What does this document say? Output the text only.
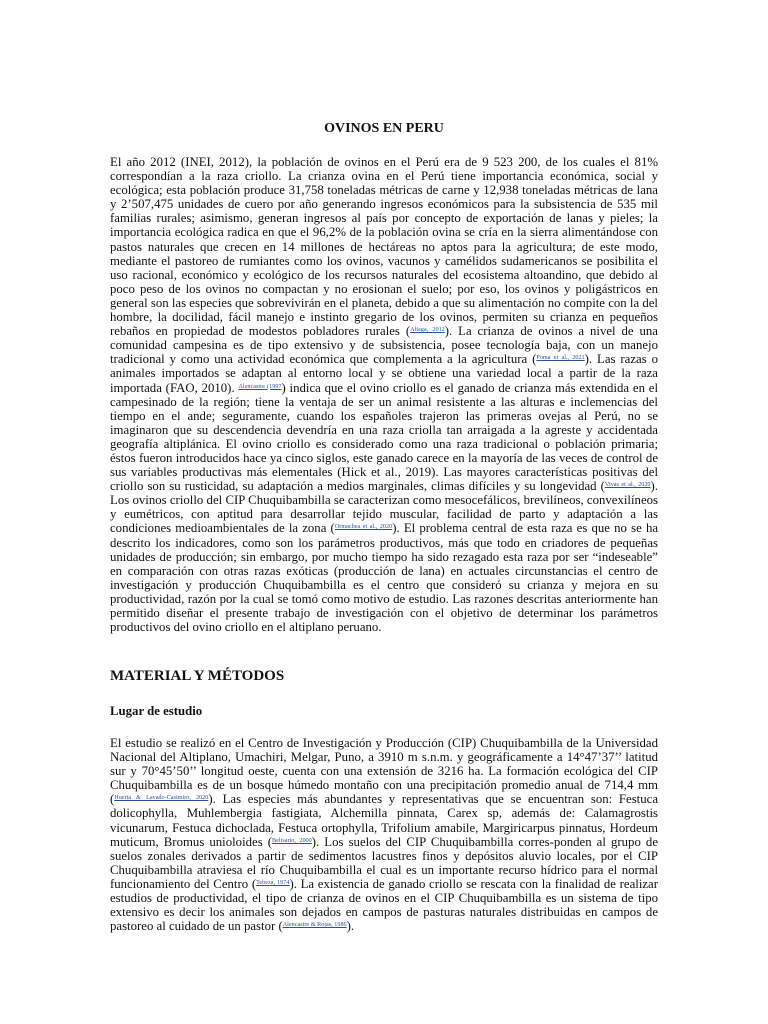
OVINOS EN PERU

El año 2012 (INEI, 2012), la población de ovinos en el Perú era de 9 523 200, de los cuales el 81% correspondían a la raza criollo. La crianza ovina en el Perú tiene importancia económica, social y ecológica; esta población produce 31,758 toneladas métricas de carne y 12,938 toneladas métricas de lana y 2’507,475 unidades de cuero por año generando ingresos económicos para la subsistencia de 535 mil familias rurales; asimismo, generan ingresos al país por concepto de exportación de lanas y pieles; la importancia ecológica radica en que el 96,2% de la población ovina se cría en la sierra alimentándose con pastos naturales que crecen en 14 millones de hectáreas no aptos para la agricultura; de este modo, mediante el pastoreo de rumiantes como los ovinos, vacunos y camélidos sudamericanos se posibilita el uso racional, económico y ecológico de los recursos naturales del ecosistema altoandino, que debido al poco peso de los ovinos no compactan y no erosionan el suelo; por eso, los ovinos y poligástricos en general son las especies que sobrevivirán en el planeta, debido a que su alimentación no compite con la del hombre, la docilidad, fácil manejo e instinto gregario de los ovinos, permiten su crianza en pequeños rebaños en propiedad de modestos pobladores rurales ($^{Aliaga, 2012}$). La crianza de ovinos a nivel de una comunidad campesina es de tipo extensivo y de subsistencia, posee tecnología baja, con un manejo tradicional y como una actividad económica que complementa a la agricultura ($^{Poma et al., 2021}$). Las razas o animales importados se adaptan al entorno local y se obtiene una variedad local a partir de la raza importada (FAO, 2010). $^{Alencastre (1997}$) indica que el ovino criollo es el ganado de crianza más extendida en el campesinado de la región; tiene la ventaja de ser un animal resistente a las alturas e inclemencias del tiempo en el ande; seguramente, cuando los españoles trajeron las primeras ovejas al Perú, no se imaginaron que su descendencia devendría en una raza criolla tan arraigada a la agreste y accidentada geografía altiplánica. El ovino criollo es considerado como una raza tradicional o población primaria; éstos fueron introducidos hace ya cinco siglos, este ganado carece en la mayoría de las veces de control de sus variables productivas más elementales (Hick et al., 2019). Las mayores características positivas del criollo son su rusticidad, su adaptación a medios marginales, climas difíciles y su longevidad ($^{Vivas et al., 2020}$). Los ovinos criollo del CIP Chuquibambilla se caracterizan como mesocefálicos, brevilíneos, convexilíneos y eumétricos, con aptitud para desarrollar tejido muscular, facilidad de parto y adaptación a las condiciones medioambientales de la zona ($^{Ormachea et al., 2020}$). El problema central de esta raza es que no se ha descrito los indicadores, como son los parámetros productivos, más que todo en criadores de pequeñas unidades de producción; sin embargo, por mucho tiempo ha sido rezagado esta raza por ser “indeseable” en comparación con otras razas exóticas (producción de lana) en actuales circunstancias el centro de investigación y producción Chuquibambilla es el centro que consideró su crianza y mejora en su productividad, razón por la cual se tomó como motivo de estudio. Las razones descritas anteriormente han permitido diseñar el presente trabajo de investigación con el objetivo de determinar los parámetros productivos del ovino criollo en el altiplano peruano.

MATERIAL Y MÉTODOS
Lugar de estudio

El estudio se realizó en el Centro de Investigación y Producción (CIP) Chuquibambilla de la Universidad Nacional del Altiplano, Umachiri, Melgar, Puno, a 3910 m s.n.m. y geográficamente a 14°47’37’’ latitud sur y 70°45’50’’ longitud oeste, cuenta con una extensión de 3216 ha. La formación ecológica del CIP Chuquibambilla es de un bosque húmedo montaño con una precipitación promedio anual de 714,4 mm ($^{Huerta \& Lavado-Casimiro, 2020}$). Las especies más abundantes y representativas que se encuentran son: Festuca dolicophylla, Muhlembergia fastigiata, Alchemilla pinnata, Carex sp, además de: Calamagrostis vicunarum, Festuca dichoclada, Festuca ortophylla, Trifolium amabile, Margiricarpus pinnatus, Hordeum muticum, Bromus unioloides ($^{Belisario, 2000}$). Los suelos del CIP Chuquibambilla corres-ponden al grupo de suelos zonales derivados a partir de sedimentos lacustres finos y depósitos aluvio locales, por el CIP Chuquibambilla atraviesa el río Chuquibambilla el cual es un importante recurso hídrico para el normal funcionamiento del Centro ($^{Tebeza, 1974}$). La existencia de ganado criollo se rescata con la finalidad de realizar estudios de productividad, el tipo de crianza de ovinos en el CIP Chuquibambilla es un sistema de tipo extensivo es decir los animales son dejados en campos de pasturas naturales distribuidas en campos de pastoreo al cuidado de un pastor ($^{Alencastre \& Rojas, 1986}$).
